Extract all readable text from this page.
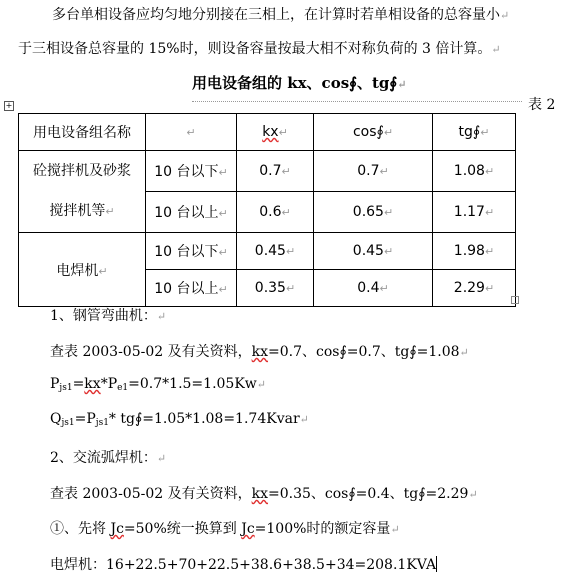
多台单相设备应均匀地分别接在三相上，在计算时若单相设备的总容量小↵
于三相设备总容量的 15%时，则设备容量按最大相不对称负荷的 3 倍计算。↵
用电设备组的 kx、cos∮、tg∮↵
+	表 2
用电设备组名称	↵	kx↵	cos∮↵	tg∮↵
砼搅拌机及砂浆
搅拌机等↵	10 台以下↵	0.7↵	0.7↵	1.08↵
	10 台以上↵	0.6↵	0.65↵	1.17↵
电焊机↵	10 台以下↵	0.45↵	0.45↵	1.98↵
	10 台以上↵	0.35↵	0.4↵	2.29↵
1、钢管弯曲机：↵
查表 2003-05-02 及有关资料，kx=0.7、cos∮=0.7、tg∮=1.08↵
$P_{js1}=kx*P_{e1}=0.7*1.5=1.05Kw↵$
$Q_{js1}=P_{js1}*$ tg∮=1.05*1.08=1.74Kvar↵
2、交流弧焊机：↵
查表 2003-05-02 及有关资料，kx=0.35、cos∮=0.4、tg∮=2.29↵
①、先将 Jc=50%统一换算到 Jc=100%时的额定容量↵
电焊机：16+22.5+70+22.5+38.6+38.5+34=208.1KVA
